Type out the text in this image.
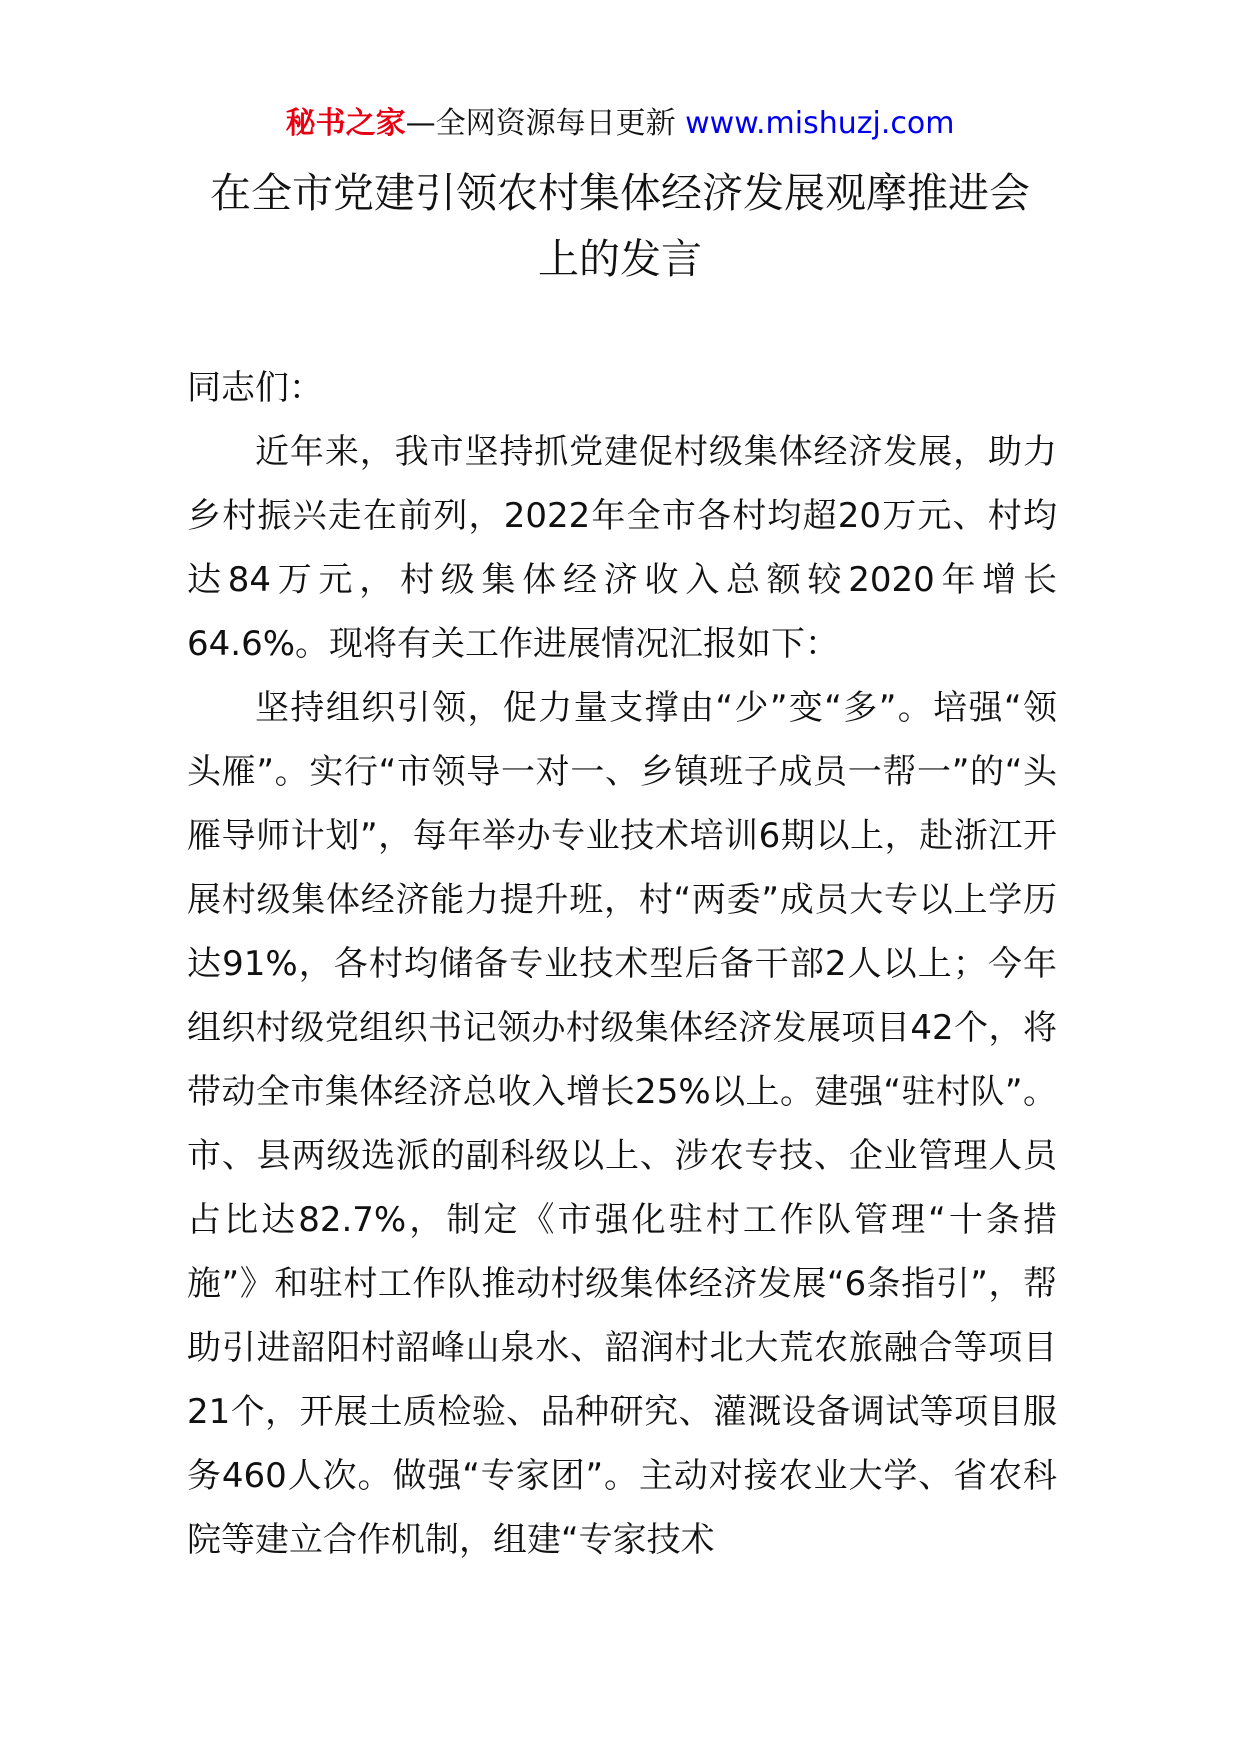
秘书之家—全网资源每日更新 www.mishuzj.com
在全市党建引领农村集体经济发展观摩推进会
上的发言

同志们：

近年来，我市坚持抓党建促村级集体经济发展，助力乡村振兴走在前列，2022年全市各村均超20万元、村均达84万元，村级集体经济收入总额较2020年增长64.6%。现将有关工作进展情况汇报如下：

坚持组织引领，促力量支撑由“少”变“多”。培强“领头雁”。实行“市领导一对一、乡镇班子成员一帮一”的“头雁导师计划”，每年举办专业技术培训6期以上，赴浙江开展村级集体经济能力提升班，村“两委”成员大专以上学历达91%，各村均储备专业技术型后备干部2人以上；今年组织村级党组织书记领办村级集体经济发展项目42个，将带动全市集体经济总收入增长25%以上。建强“驻村队”。市、县两级选派的副科级以上、涉农专技、企业管理人员占比达82.7%，制定《市强化驻村工作队管理“十条措施”》和驻村工作队推动村级集体经济发展“6条指引”，帮助引进韶阳村韶峰山泉水、韶润村北大荒农旅融合等项目21个，开展土质检验、品种研究、灌溉设备调试等项目服务460人次。做强“专家团”。主动对接农业大学、省农科院等建立合作机制，组建“专家技术
